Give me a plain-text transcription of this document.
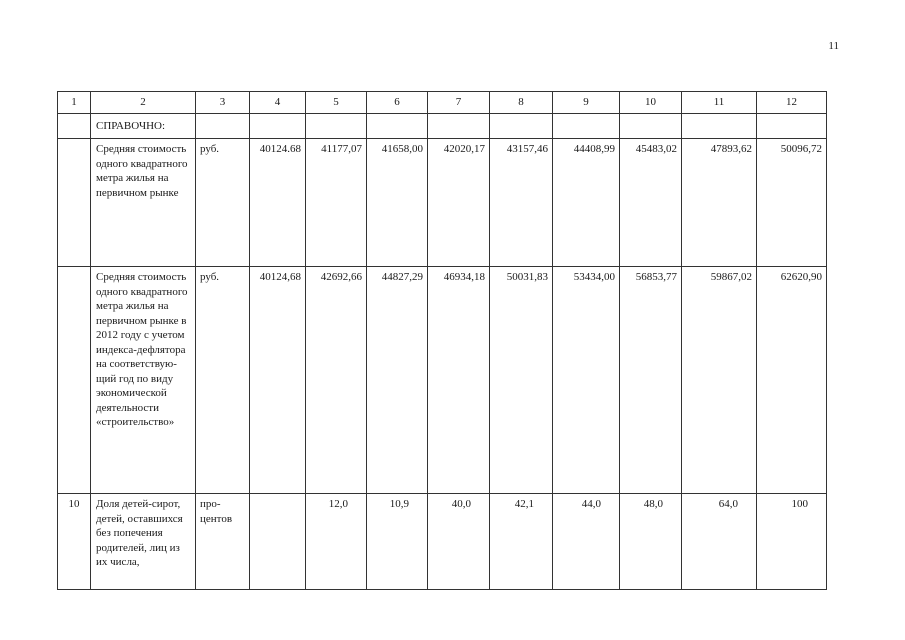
11
1	2	3	4	5	6	7	8	9	10	11	12
	СПРАВОЧНО:										
	Средняя стоимость одного квадратного метра жилья на первичном рынке	руб.	40124.68	41177,07	41658,00	42020,17	43157,46	44408,99	45483,02	47893,62	50096,72
	Средняя стоимость одного квадратного метра жилья на первичном рынке в 2012 году с учетом индекса-дефлятора на соответствую-щий год по виду экономической деятельности «строительство»	руб.	40124,68	42692,66	44827,29	46934,18	50031,83	53434,00	56853,77	59867,02	62620,90
10	Доля детей-сирот, детей, оставшихся без попечения родителей, лиц из их числа,	про-центов		12,0	10,9	40,0	42,1	44,0	48,0	64,0	100
